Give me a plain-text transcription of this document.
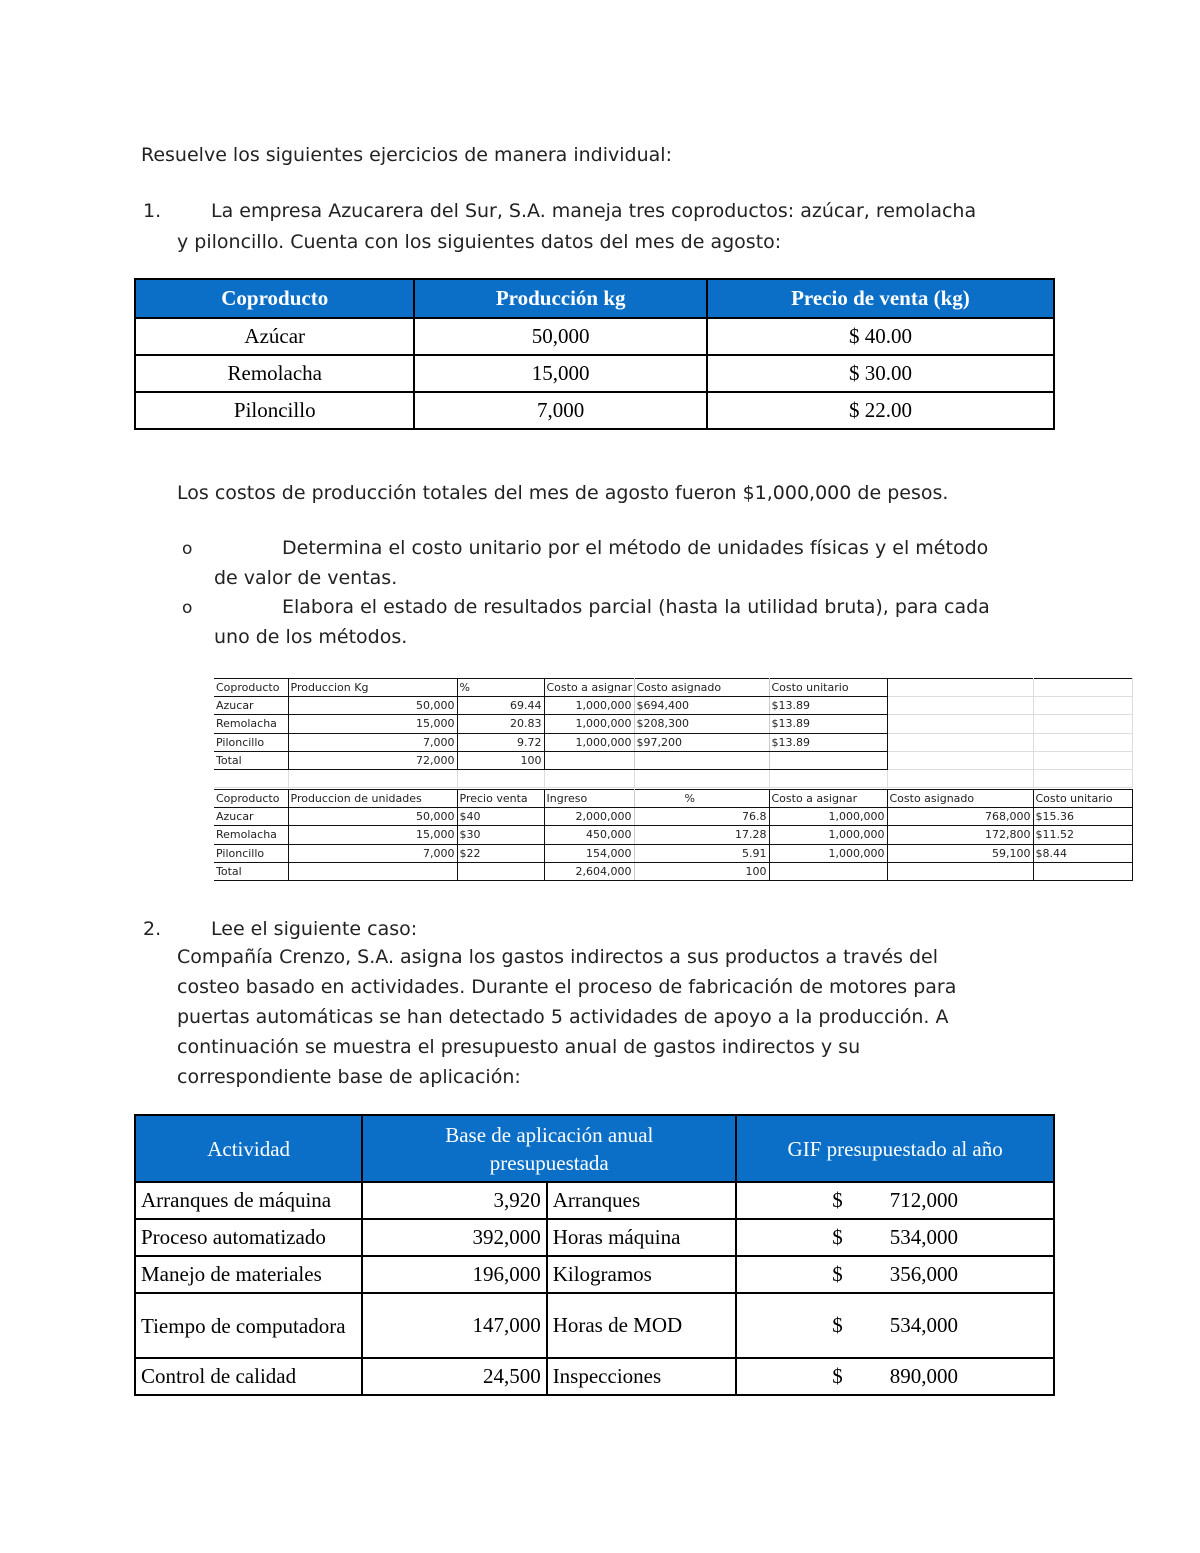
Resuelve los siguientes ejercicios de manera individual:
1.	La empresa Azucarera del Sur, S.A. maneja tres coproductos: azúcar, remolacha
y piloncillo. Cuenta con los siguientes datos del mes de agosto:
Coproducto	Producción kg	Precio de venta (kg)
Azúcar	50,000	$ 40.00
Remolacha	15,000	$ 30.00
Piloncillo	7,000	$ 22.00
Los costos de producción totales del mes de agosto fueron $1,000,000 de pesos.
o	Determina el costo unitario por el método de unidades físicas y el método
de valor de ventas.
o	Elabora el estado de resultados parcial (hasta la utilidad bruta), para cada
uno de los métodos.
Coproducto	Produccion Kg	%	Costo a asignar	Costo asignado	Costo unitario		
Azucar	50,000	69.44	1,000,000	$694,400	$13.89		
Remolacha	15,000	20.83	1,000,000	$208,300	$13.89		
Piloncillo	7,000	9.72	1,000,000	$97,200	$13.89		
Total	72,000	100					

Coproducto	Produccion de unidades	Precio venta	Ingreso	%	Costo a asignar	Costo asignado	Costo unitario
Azucar	50,000	$40	2,000,000	76.8	1,000,000	768,000	$15.36
Remolacha	15,000	$30	450,000	17.28	1,000,000	172,800	$11.52
Piloncillo	7,000	$22	154,000	5.91	1,000,000	59,100	$8.44
Total			2,604,000	100			
2.	Lee el siguiente caso:
Compañía Crenzo, S.A. asigna los gastos indirectos a sus productos a través del
costeo basado en actividades. Durante el proceso de fabricación de motores para
puertas automáticas se han detectado 5 actividades de apoyo a la producción. A
continuación se muestra el presupuesto anual de gastos indirectos y su
correspondiente base de aplicación:
Actividad	Base de aplicación anual presupuestada		GIF presupuestado al año
Arranques de máquina	3,920	Arranques	$ 712,000

Proceso automatizado	392,000	Horas máquina	$ 534,000

Manejo de materiales	196,000	Kilogramos	$ 356,000

Tiempo de computadora	147,000	Horas de MOD	$ 534,000

Control de calidad	24,500	Inspecciones	$ 890,000
